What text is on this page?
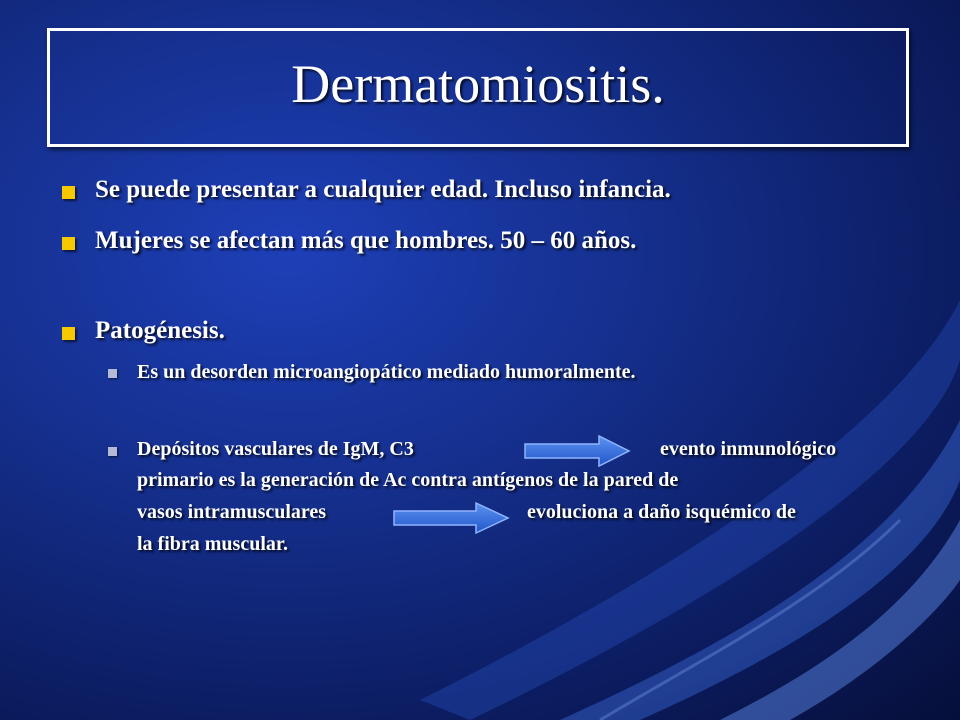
Dermatomiositis.
Se puede presentar a cualquier edad. Incluso infancia.
Mujeres se afectan más que hombres. 50 – 60 años.
Patogénesis.
Es un desorden microangiopático mediado humoralmente.
Depósitos vasculares de IgM, C3	evento inmunológico
primario es la generación de Ac contra antígenos de la pared de
vasos intramusculares	evoluciona a daño isquémico de
la fibra muscular.
